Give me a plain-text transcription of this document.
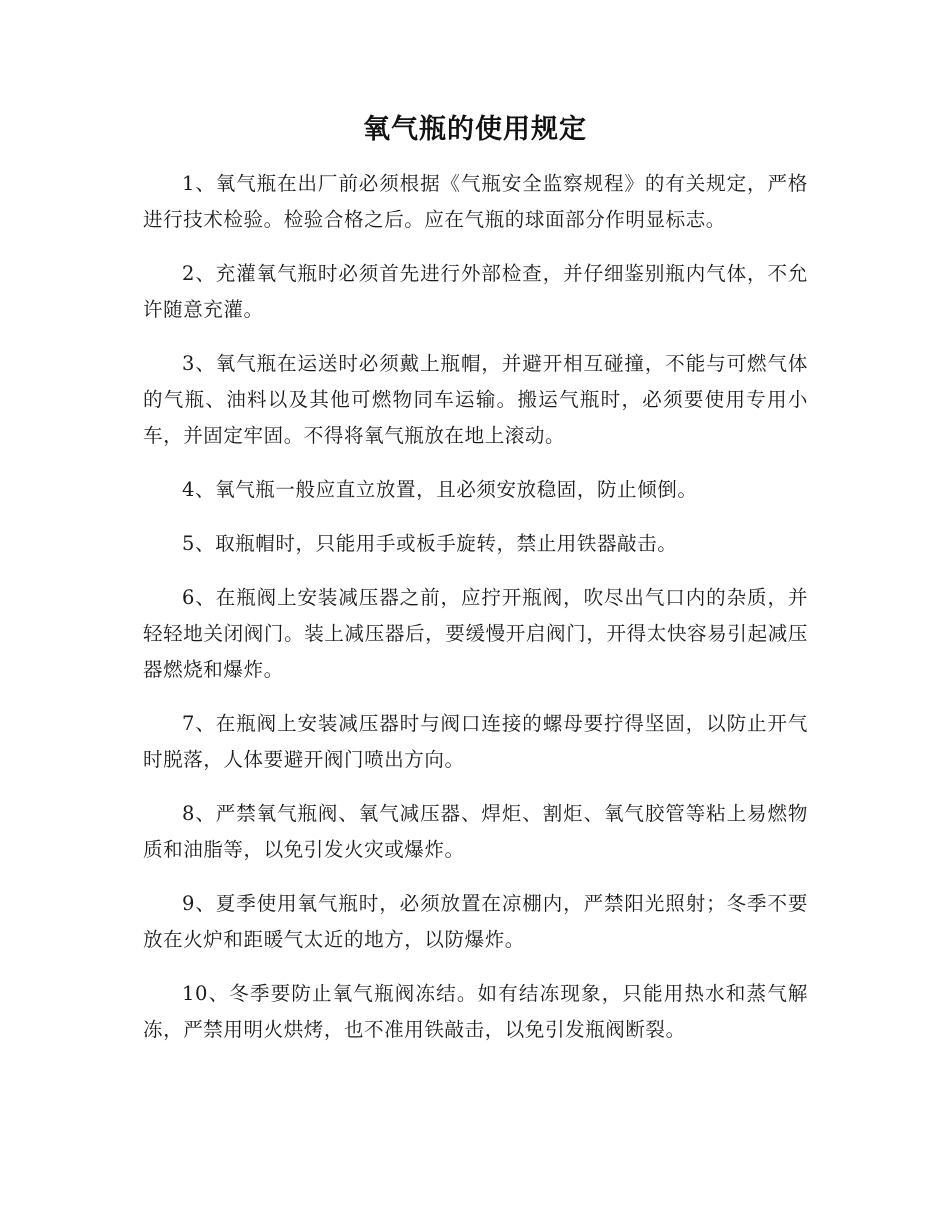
氧气瓶的使用规定

1、氧气瓶在出厂前必须根据《气瓶安全监察规程》的有关规定，严格进行技术检验。检验合格之后。应在气瓶的球面部分作明显标志。

2、充灌氧气瓶时必须首先进行外部检查，并仔细鉴别瓶内气体，不允许随意充灌。

3、氧气瓶在运送时必须戴上瓶帽，并避开相互碰撞，不能与可燃气体的气瓶、油料以及其他可燃物同车运输。搬运气瓶时，必须要使用专用小车，并固定牢固。不得将氧气瓶放在地上滚动。

4、氧气瓶一般应直立放置，且必须安放稳固，防止倾倒。

5、取瓶帽时，只能用手或板手旋转，禁止用铁器敲击。

6、在瓶阀上安装减压器之前，应拧开瓶阀，吹尽出气口内的杂质，并轻轻地关闭阀门。装上减压器后，要缓慢开启阀门，开得太快容易引起减压器燃烧和爆炸。

7、在瓶阀上安装减压器时与阀口连接的螺母要拧得坚固，以防止开气时脱落，人体要避开阀门喷出方向。

8、严禁氧气瓶阀、氧气减压器、焊炬、割炬、氧气胶管等粘上易燃物质和油脂等，以免引发火灾或爆炸。

9、夏季使用氧气瓶时，必须放置在凉棚内，严禁阳光照射；冬季不要放在火炉和距暖气太近的地方，以防爆炸。

10、冬季要防止氧气瓶阀冻结。如有结冻现象，只能用热水和蒸气解冻，严禁用明火烘烤，也不准用铁敲击，以免引发瓶阀断裂。
